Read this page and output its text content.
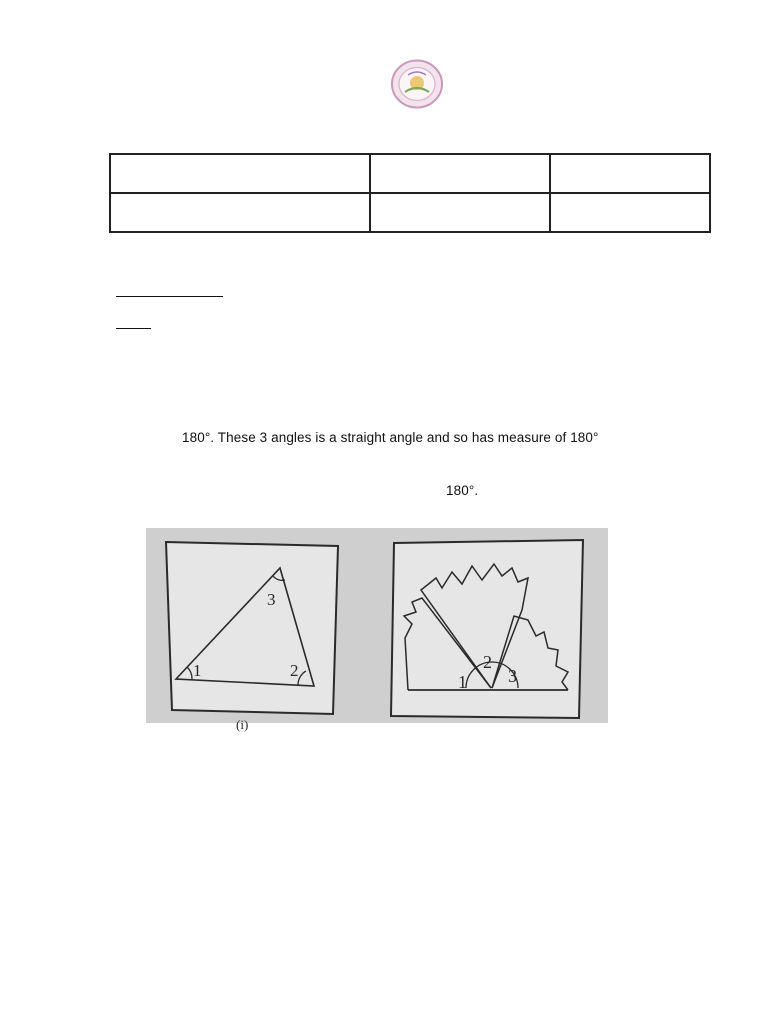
180°. These 3 angles is a straight angle and so has measure of 180°
180°.
1	2
3
(i)
1
2
3
